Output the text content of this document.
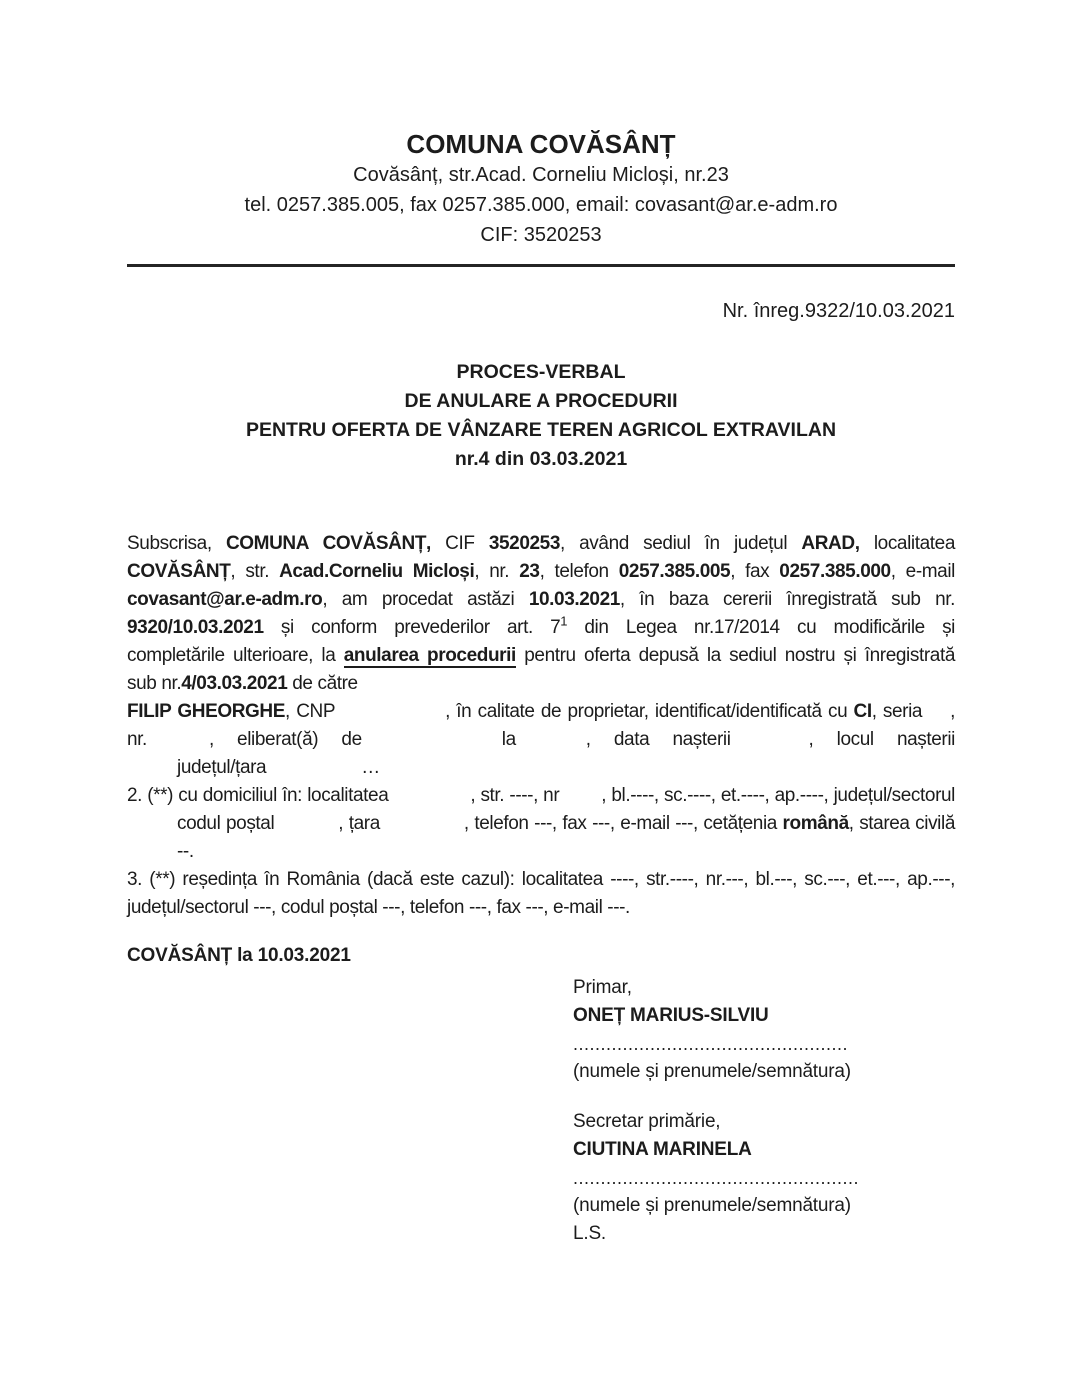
COMUNA COVĂSÂNȚ
Covăsânț, str.Acad. Corneliu Micloși, nr.23
tel. 0257.385.005, fax 0257.385.000, email: covasant@ar.e-adm.ro
CIF: 3520253
Nr. înreg.9322/10.03.2021
PROCES-VERBAL
DE ANULARE A PROCEDURII
PENTRU OFERTA DE VÂNZARE TEREN AGRICOL EXTRAVILAN
nr.4 din 03.03.2021
Subscrisa, COMUNA COVĂSÂNȚ, CIF 3520253, având sediul în județul ARAD, localitatea
COVĂSÂNȚ, str. Acad.Corneliu Micloși, nr. 23, telefon 0257.385.005, fax 0257.385.000, e-mail
covasant@ar.e-adm.ro, am procedat astăzi 10.03.2021, în baza cererii înregistrată sub nr.
9320/10.03.2021 și conform prevederilor art. $7^1$ din Legea nr.17/2014 cu modificările și
completările ulterioare, la anularea procedurii pentru oferta depusă la sediul nostru și înregistrată
sub nr.4/03.03.2021 de către
FILIP GHEORGHE, CNP	, în calitate de proprietar, identificat/identificată cu CI, seria ,
nr.	, eliberat(ă) de	la	, data nașterii	, locul nașterii
județul/țara	…
2. (**) cu domiciliul în: localitatea	, str. ----, nr , bl.----, sc.----, et.----, ap.----, județul/sectorul
codul poștal	, țara	, telefon ---, fax ---, e-mail ---, cetățenia română, starea civilă --.
3. (**) reședința în România (dacă este cazul): localitatea ----, str.----, nr.---, bl.---, sc.---, et.---, ap.---,
județul/sectorul ---, codul poștal ---, telefon ---, fax ---, e-mail ---.
COVĂSÂNȚ la 10.03.2021
Primar,
ONEȚ MARIUS-SILVIU
..................................................
(numele și prenumele/semnătura)
Secretar primărie,
CIUTINA MARINELA
....................................................
(numele și prenumele/semnătura)
L.S.
